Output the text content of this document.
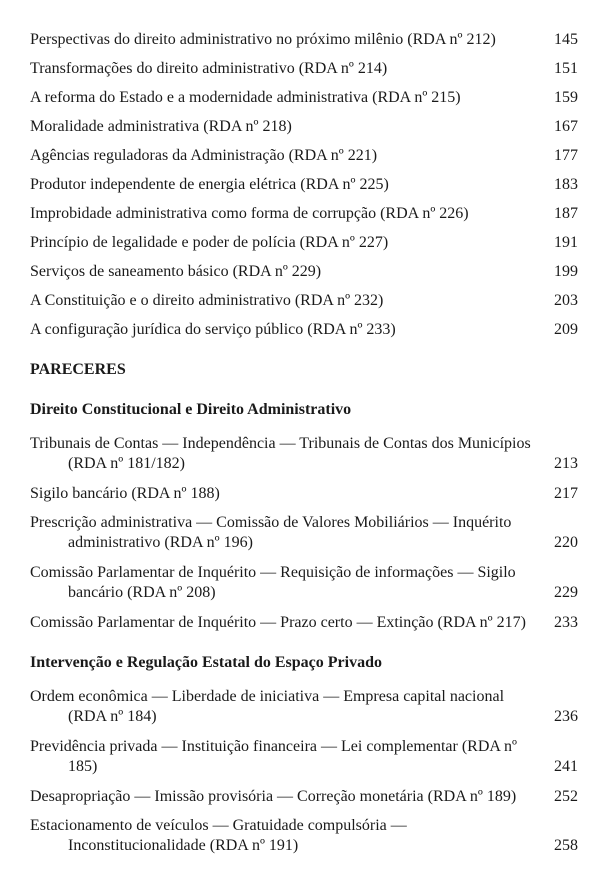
Perspectivas do direito administrativo no próximo milênio (RDA nº 212)	145
Transformações do direito administrativo (RDA nº 214)	151
A reforma do Estado e a modernidade administrativa (RDA nº 215)	159
Moralidade administrativa (RDA nº 218)	167
Agências reguladoras da Administração (RDA nº 221)	177
Produtor independente de energia elétrica (RDA nº 225)	183
Improbidade administrativa como forma de corrupção (RDA nº 226)	187
Princípio de legalidade e poder de polícia (RDA nº 227)	191
Serviços de saneamento básico (RDA nº 229)	199
A Constituição e o direito administrativo (RDA nº 232)	203
A configuração jurídica do serviço público (RDA nº 233)	209
PARECERES
Direito Constitucional e Direito Administrativo
Tribunais de Contas — Independência — Tribunais de Contas dos Municípios (RDA nº 181/182)	213
Sigilo bancário (RDA nº 188)	217
Prescrição administrativa — Comissão de Valores Mobiliários — Inquérito administrativo (RDA nº 196)	220
Comissão Parlamentar de Inquérito — Requisição de informações — Sigilo bancário (RDA nº 208)	229
Comissão Parlamentar de Inquérito — Prazo certo — Extinção (RDA nº 217)	233
Intervenção e Regulação Estatal do Espaço Privado
Ordem econômica — Liberdade de iniciativa — Empresa capital nacional (RDA nº 184)	236
Previdência privada — Instituição financeira — Lei complementar (RDA nº 185)	241
Desapropriação — Imissão provisória — Correção monetária (RDA nº 189)	252
Estacionamento de veículos — Gratuidade compulsória — Inconstitucionalidade (RDA nº 191)	258
